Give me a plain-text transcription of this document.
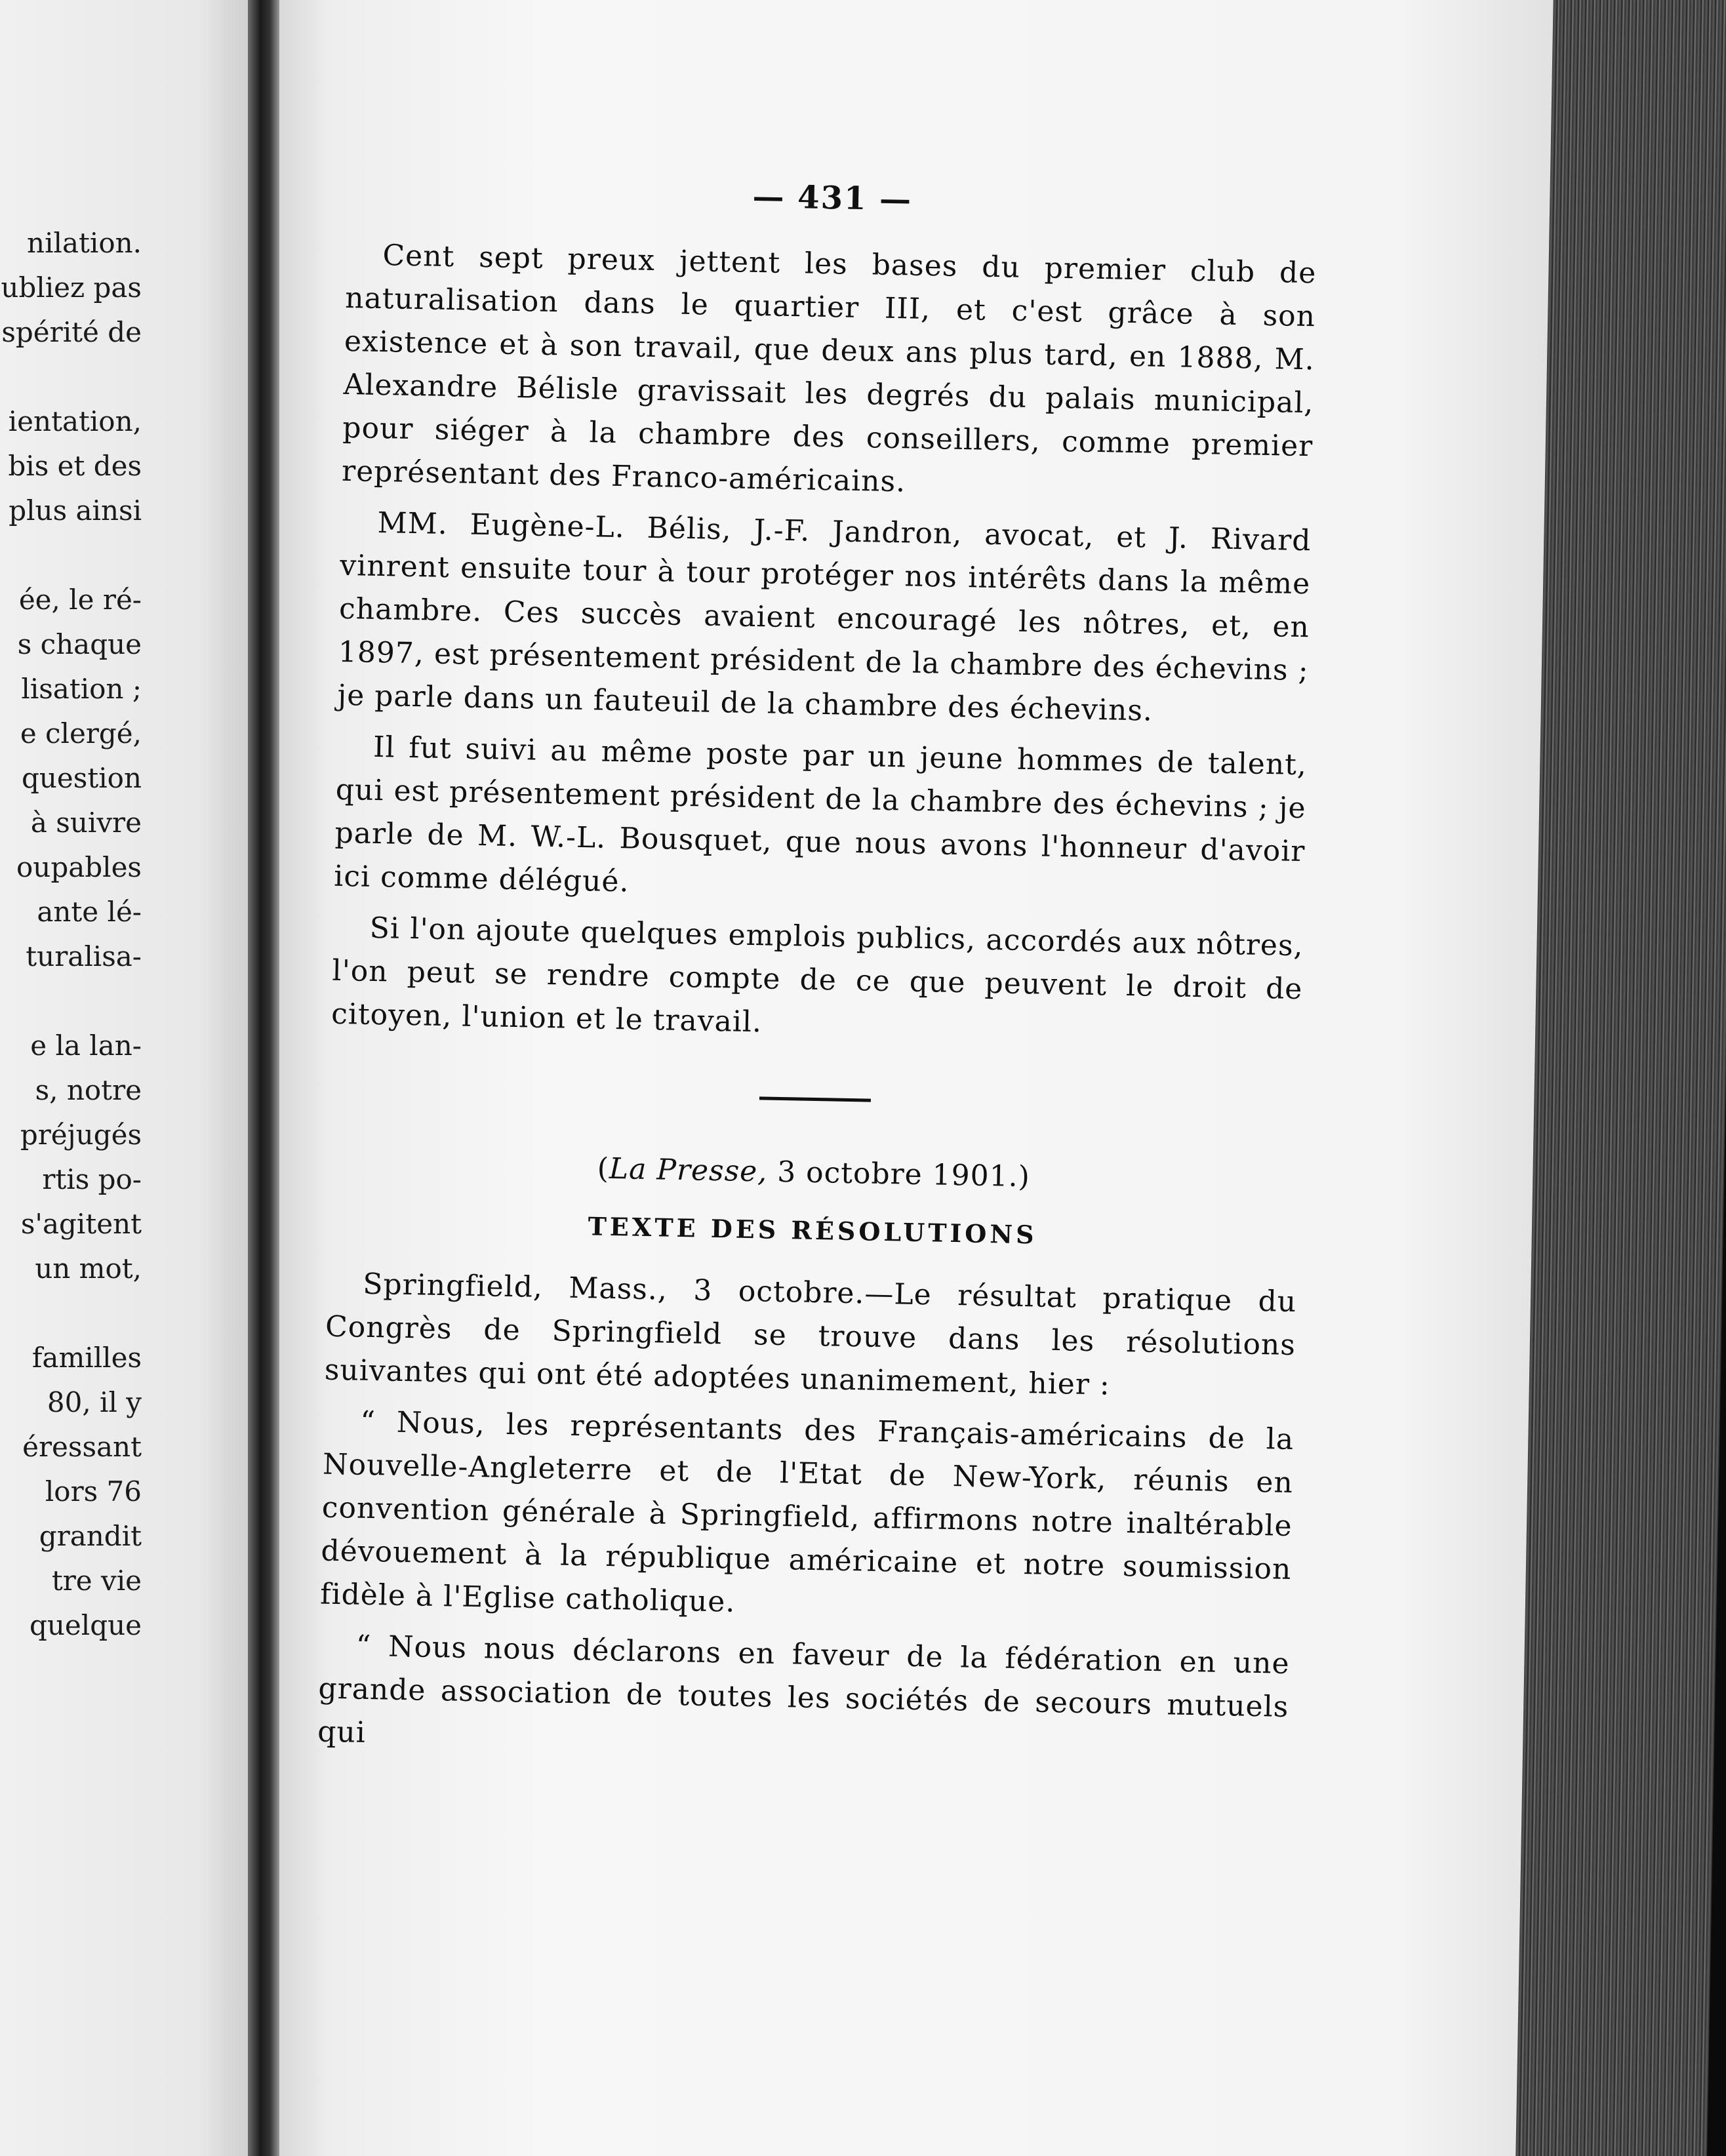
nilation.
ubliez pas
spérité de
ientation,
bis et des
plus ainsi
ée, le ré-
s chaque
lisation ;
e clergé,
question
à suivre
oupables
ante lé-
turalisa-
e la lan-
s, notre
préjugés
rtis po-
s'agitent
un mot,
familles
80, il y
éressant
lors 76
grandit
tre vie
quelque
— 431 —

Cent sept preux jettent les bases du premier club de naturalisation dans le quartier III, et c'est grâce à son existence et à son travail, que deux ans plus tard, en 1888, M. Alexandre Bélisle gravissait les degrés du palais municipal, pour siéger à la chambre des conseillers, comme premier représentant des Franco-américains.

MM. Eugène-L. Bélis, J.-F. Jandron, avocat, et J. Rivard vinrent ensuite tour à tour protéger nos intérêts dans la même chambre. Ces succès avaient encouragé les nôtres, et, en 1897, est présentement président de la chambre des échevins ; je parle dans un fauteuil de la chambre des échevins.

Il fut suivi au même poste par un jeune hommes de talent, qui est présentement président de la chambre des échevins ; je parle de M. W.-L. Bousquet, que nous avons l'honneur d'avoir ici comme délégué.

Si l'on ajoute quelques emplois publics, accordés aux nôtres, l'on peut se rendre compte de ce que peuvent le droit de citoyen, l'union et le travail.

(La Presse, 3 octobre 1901.)
TEXTE DES RÉSOLUTIONS

Springfield, Mass., 3 octobre.—Le résultat pratique du Congrès de Springfield se trouve dans les résolutions suivantes qui ont été adoptées unanimement, hier :

“ Nous, les représentants des Français-américains de la Nouvelle-Angleterre et de l'Etat de New-York, réunis en convention générale à Springfield, affirmons notre inaltérable dévouement à la république américaine et notre soumission fidèle à l'Eglise catholique.

“ Nous nous déclarons en faveur de la fédération en une grande association de toutes les sociétés de secours mutuels qui
